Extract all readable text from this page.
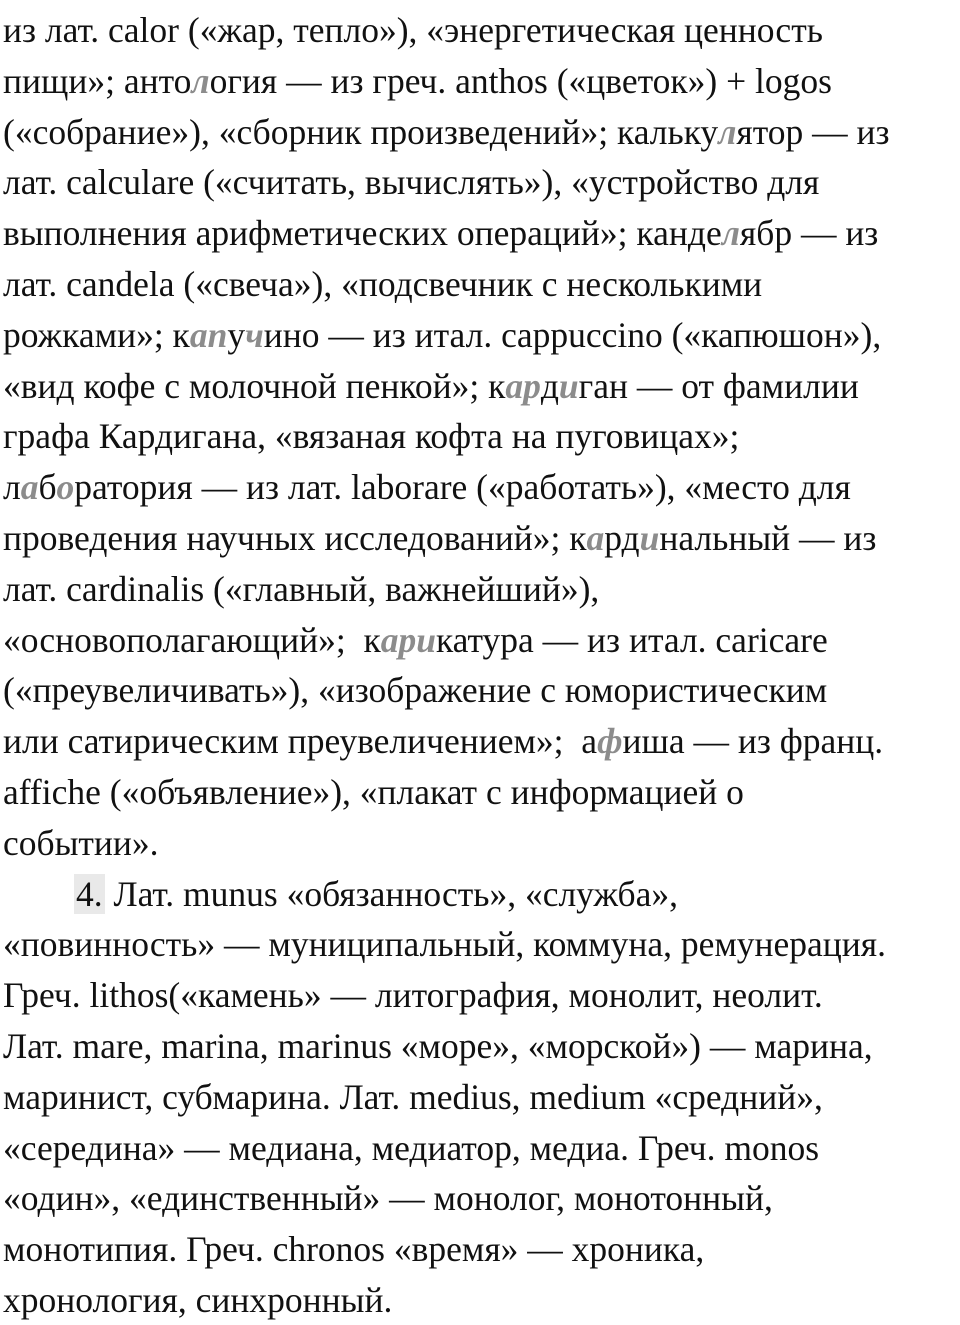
из лат. calor («жар, тепло»), «энергетическая ценность
пищи»; антология — из греч. anthos («цветок») + logos
(«собрание»), «сборник произведений»; калькулятор — из
лат. calculare («считать, вычислять»), «устройство для
выполнения арифметических операций»; канделябр — из
лат. candela («свеча»), «подсвечник с несколькими
рожками»; капучино — из итал. cappuccino («капюшон»),
«вид кофе с молочной пенкой»; кардиган — от фамилии
графа Кардигана, «вязаная кофта на пуговицах»;
лаборатория — из лат. laborare («работать»), «место для
проведения научных исследований»; кардинальный — из
лат. cardinalis («главный, важнейший»),
«основополагающий»;  карикатура — из итал. caricare
(«преувеличивать»), «изображение с юмористическим
или сатирическим преувеличением»;  афиша — из франц.
affiche («объявление»), «плакат с информацией о
событии».
4. Лат. munus «обязанность», «служба»,
«повинность» — муниципальный, коммуна, ремунерация.
Греч. lithos(«камень» — литография, монолит, неолит.
Лат. mare, marina, marinus «море», «морской») — марина,
маринист, субмарина. Лат. medius, medium «средний»,
«середина» — медиана, медиатор, медиа. Греч. monos
«один», «единственный» — монолог, монотонный,
монотипия. Греч. chronos «время» — хроника,
хронология, синхронный.
